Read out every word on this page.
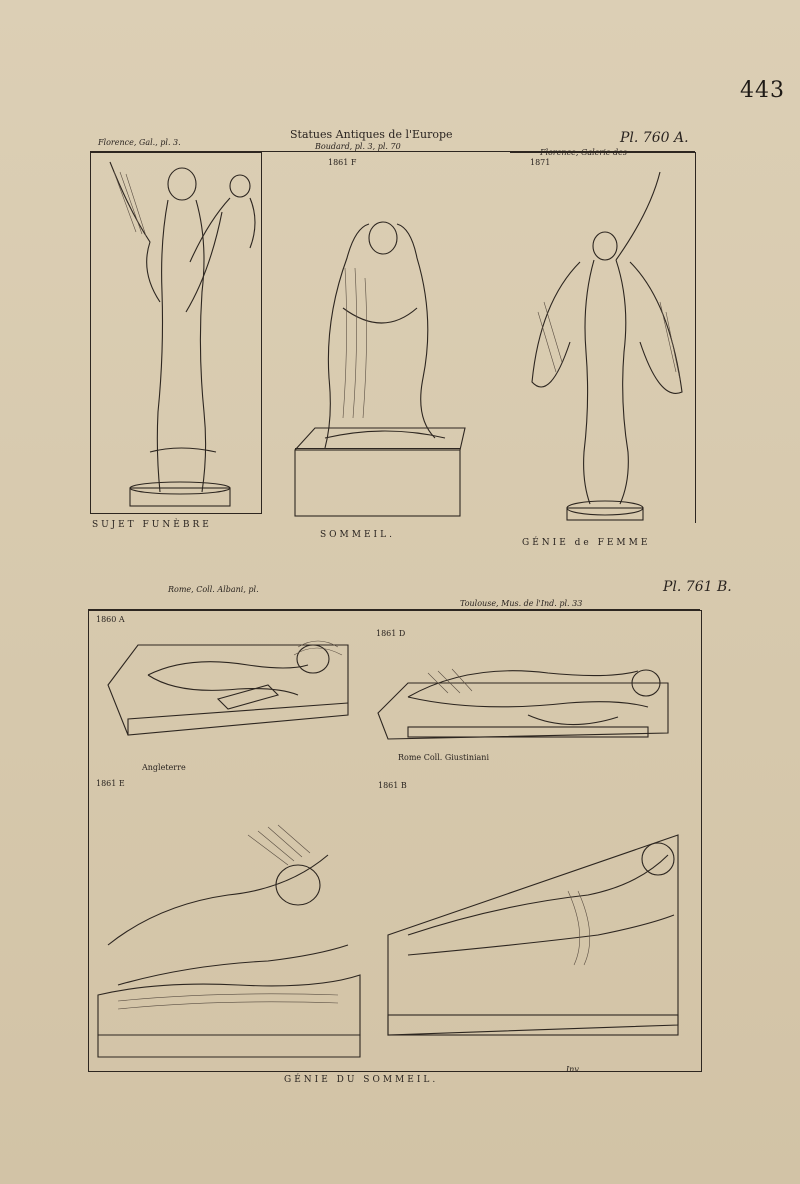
443
Florence, Gal., pl. 3.
Statues Antiques de l'Europe
Boudard, pl. 3, pl. 70
Pl. 760 A.
Florence, Galerie des
SUJET FUNÈBRE
1861 F
SOMMEIL.
1871
GÉNIE de FEMME
Rome, Coll. Albani, pl.	Pl. 761 B.
Toulouse, Mus. de l'Ind. pl. 33
1860 A
1861 D
Angleterre
1861 E
Rome Coll. Giustiniani
1861 B
GÉNIE DU SOMMEIL.
Inv.
